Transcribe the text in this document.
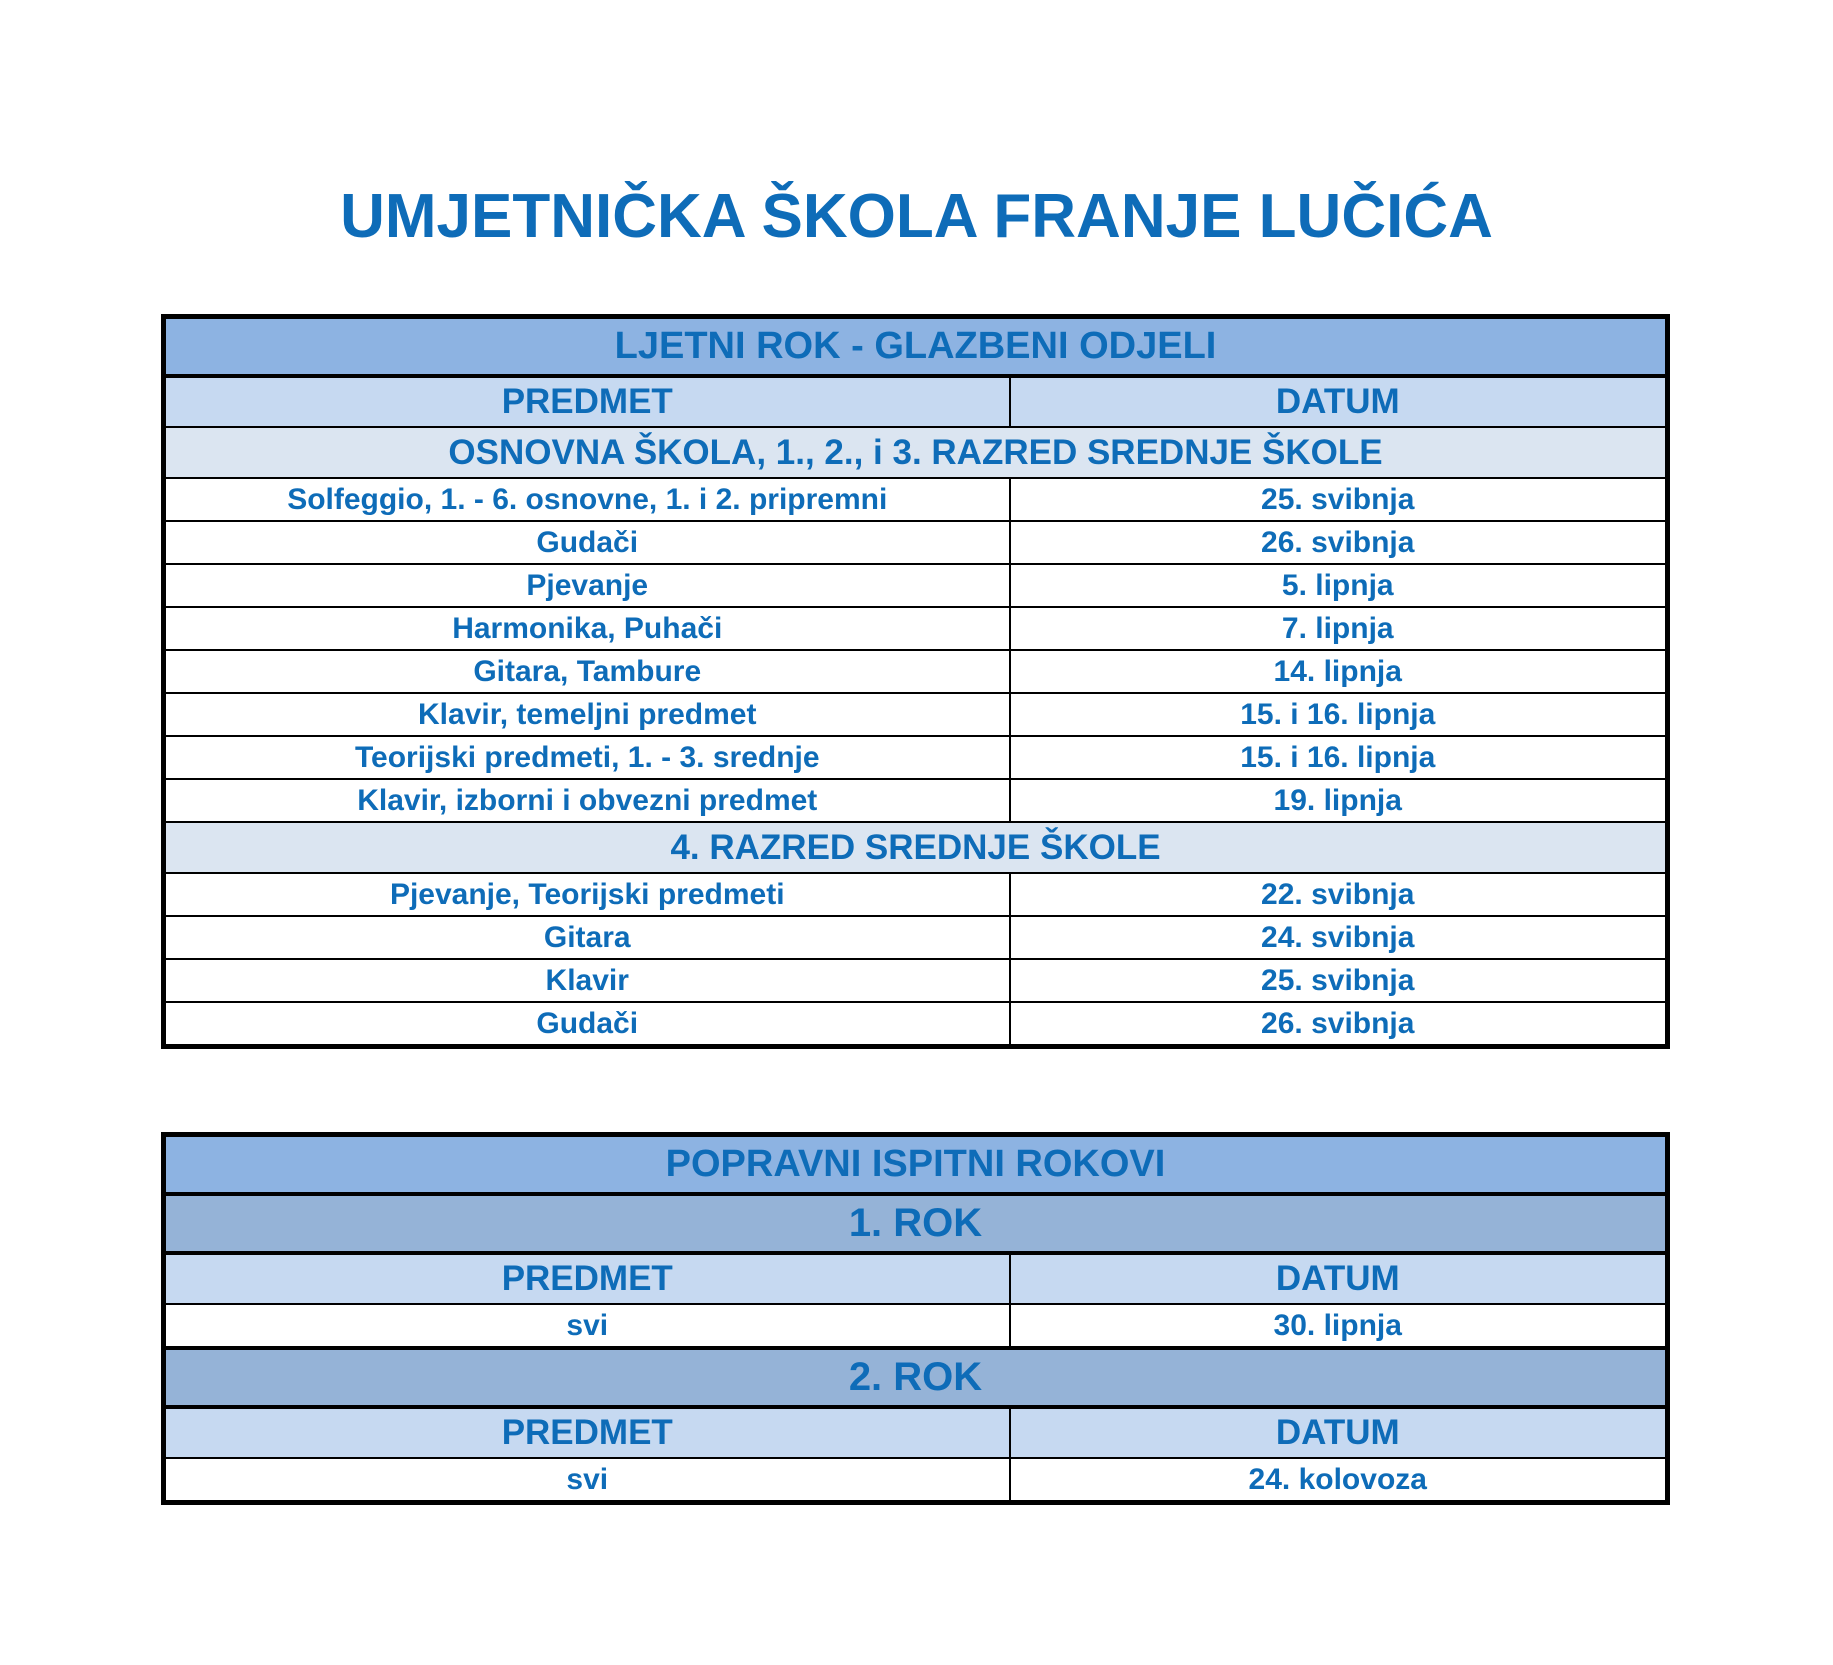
UMJETNIČKA ŠKOLA FRANJE LUČIĆA
LJETNI ROK - GLAZBENI ODJELI	
PREDMET	DATUM
OSNOVNA ŠKOLA, 1., 2., i 3. RAZRED SREDNJE ŠKOLE	
Solfeggio, 1. - 6. osnovne, 1. i 2. pripremni	25. svibnja
Gudači	26. svibnja
Pjevanje	5. lipnja
Harmonika, Puhači	7. lipnja
Gitara, Tambure	14. lipnja
Klavir, temeljni predmet	15. i 16. lipnja
Teorijski predmeti, 1. - 3. srednje	15. i 16. lipnja
Klavir, izborni i obvezni predmet	19. lipnja
4. RAZRED SREDNJE ŠKOLE	
Pjevanje, Teorijski predmeti	22. svibnja
Gitara	24. svibnja
Klavir	25. svibnja
Gudači	26. svibnja
POPRAVNI ISPITNI ROKOVI	
1. ROK	
PREDMET	DATUM
svi	30. lipnja
2. ROK	
PREDMET	DATUM
svi	24. kolovoza
